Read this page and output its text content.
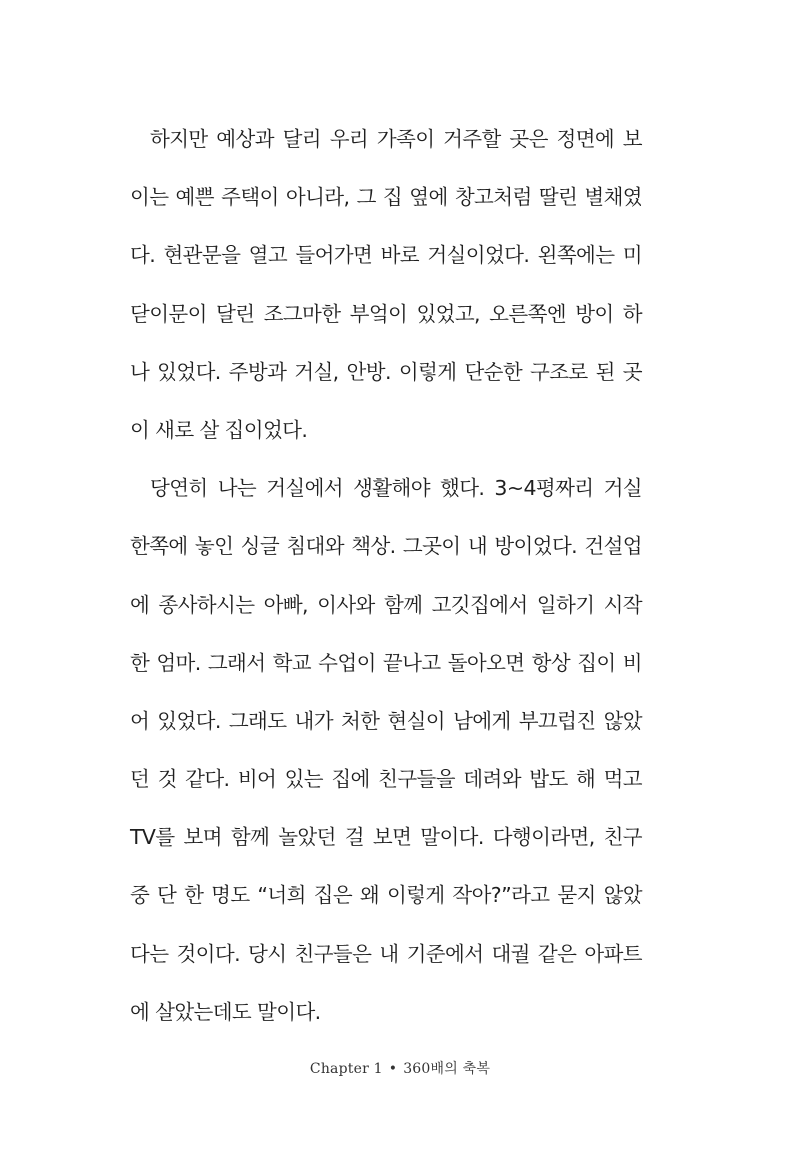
하지만 예상과 달리 우리 가족이 거주할 곳은 정면에 보
이는 예쁜 주택이 아니라, 그 집 옆에 창고처럼 딸린 별채였
다. 현관문을 열고 들어가면 바로 거실이었다. 왼쪽에는 미
닫이문이 달린 조그마한 부엌이 있었고, 오른쪽엔 방이 하
나 있었다. 주방과 거실, 안방. 이렇게 단순한 구조로 된 곳
이 새로 살 집이었다.
당연히 나는 거실에서 생활해야 했다. 3~4평짜리 거실
한쪽에 놓인 싱글 침대와 책상. 그곳이 내 방이었다. 건설업
에 종사하시는 아빠, 이사와 함께 고깃집에서 일하기 시작
한 엄마. 그래서 학교 수업이 끝나고 돌아오면 항상 집이 비
어 있었다. 그래도 내가 처한 현실이 남에게 부끄럽진 않았
던 것 같다. 비어 있는 집에 친구들을 데려와 밥도 해 먹고
TV를 보며 함께 놀았던 걸 보면 말이다. 다행이라면, 친구
중 단 한 명도 “너희 집은 왜 이렇게 작아?”라고 묻지 않았
다는 것이다. 당시 친구들은 내 기준에서 대궐 같은 아파트
에 살았는데도 말이다.
Chapter 1 • 360배의 축복
